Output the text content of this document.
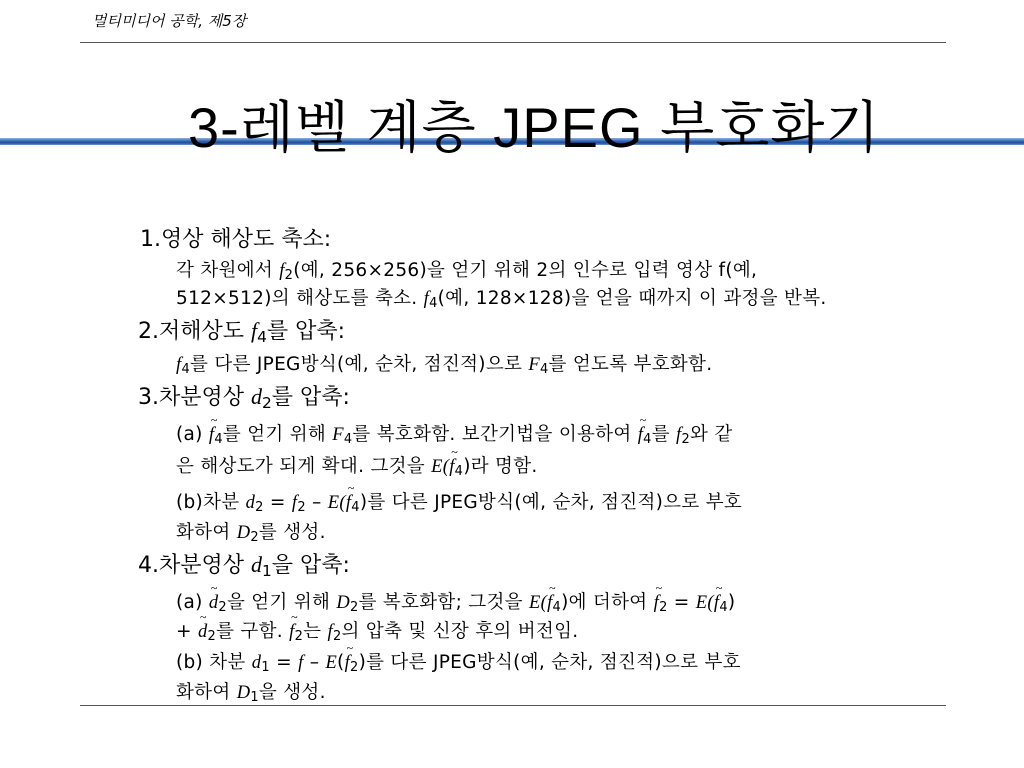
멀티미디어 공학, 제5장
3-레벨 계층 JPEG 부호화기
1.영상 해상도 축소:
각 차원에서 $f_2$(예, 256×256)을 얻기 위해 2의 인수로 입력 영상 f(예,
512×512)의 해상도를 축소. $f_4$(예, 128×128)을 얻을 때까지 이 과정을 반복.
2.저해상도 $f_4$를 압축:
$f_4$를 다른 JPEG방식(예, 순차, 점진적)으로 $F_4$를 얻도록 부호화함.
3.차분영상 $d_2$를 압축:
(a) ~ $f_4$를 얻기 위해 $F_4$를 복호화함. 보간기법을 이용하여 ~ $f_4$를 $f_2$와 같
은 해상도가 되게 확대. 그것을 E(~ $f_4$)라 명함.
(b)차분 $d_2 = f_2$ – E(~ $f_4$)를 다른 JPEG방식(예, 순차, 점진적)으로 부호
화하여 $D_2$를 생성.
4.차분영상 $d_1$을 압축:
(a) ~ $d_2$을 얻기 위해 $D_2$를 복호화함; 그것을 E(~ $f_4$)에 더하여 ~ $f_2$ = E(~ $f_4$)
+ ~ $d_2$를 구함. ~ $f_2$는 $f_2$의 압축 및 신장 후의 버전임.
(b) 차분 $d_1 = f$ – E(~ $f_2$)를 다른 JPEG방식(예, 순차, 점진적)으로 부호
화하여 $D_1$을 생성.
